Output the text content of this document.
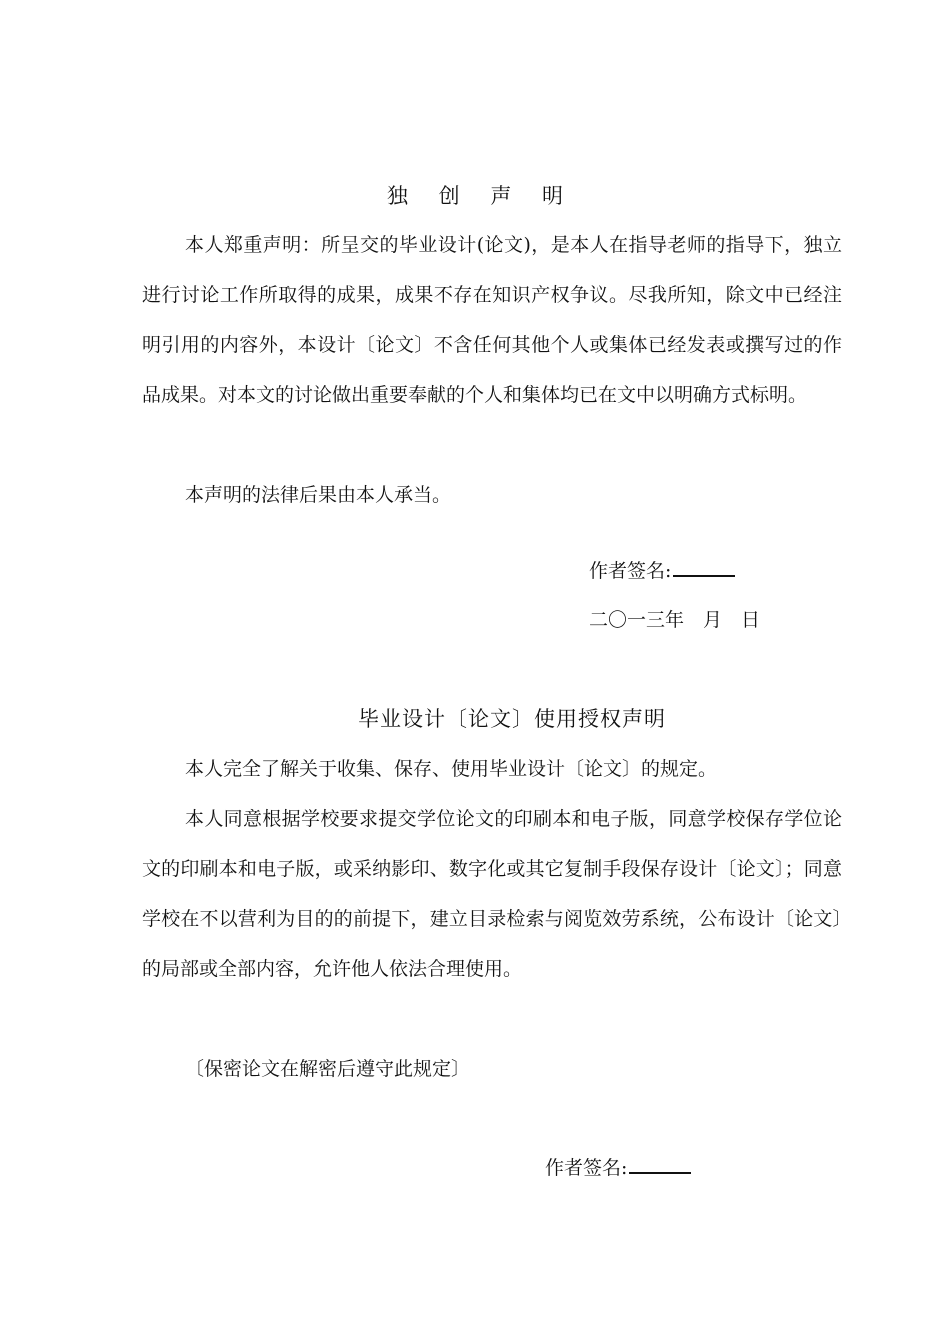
独 创 声 明

本人郑重声明：所呈交的毕业设计(论文)，是本人在指导老师的指导下，独立进行讨论工作所取得的成果，成果不存在知识产权争议。尽我所知，除文中已经注明引用的内容外，本设计〔论文〕不含任何其他个人或集体已经发表或撰写过的作品成果。对本文的讨论做出重要奉献的个人和集体均已在文中以明确方式标明。

本声明的法律后果由本人承当。

作者签名:
二〇一三年　月　日
毕业设计〔论文〕使用授权声明

本人完全了解关于收集、保存、使用毕业设计〔论文〕的规定。

本人同意根据学校要求提交学位论文的印刷本和电子版，同意学校保存学位论文的印刷本和电子版，或采纳影印、数字化或其它复制手段保存设计〔论文〕；同意学校在不以营利为目的的前提下，建立目录检索与阅览效劳系统，公布设计〔论文〕的局部或全部内容，允许他人依法合理使用。

〔保密论文在解密后遵守此规定〕

作者签名:
